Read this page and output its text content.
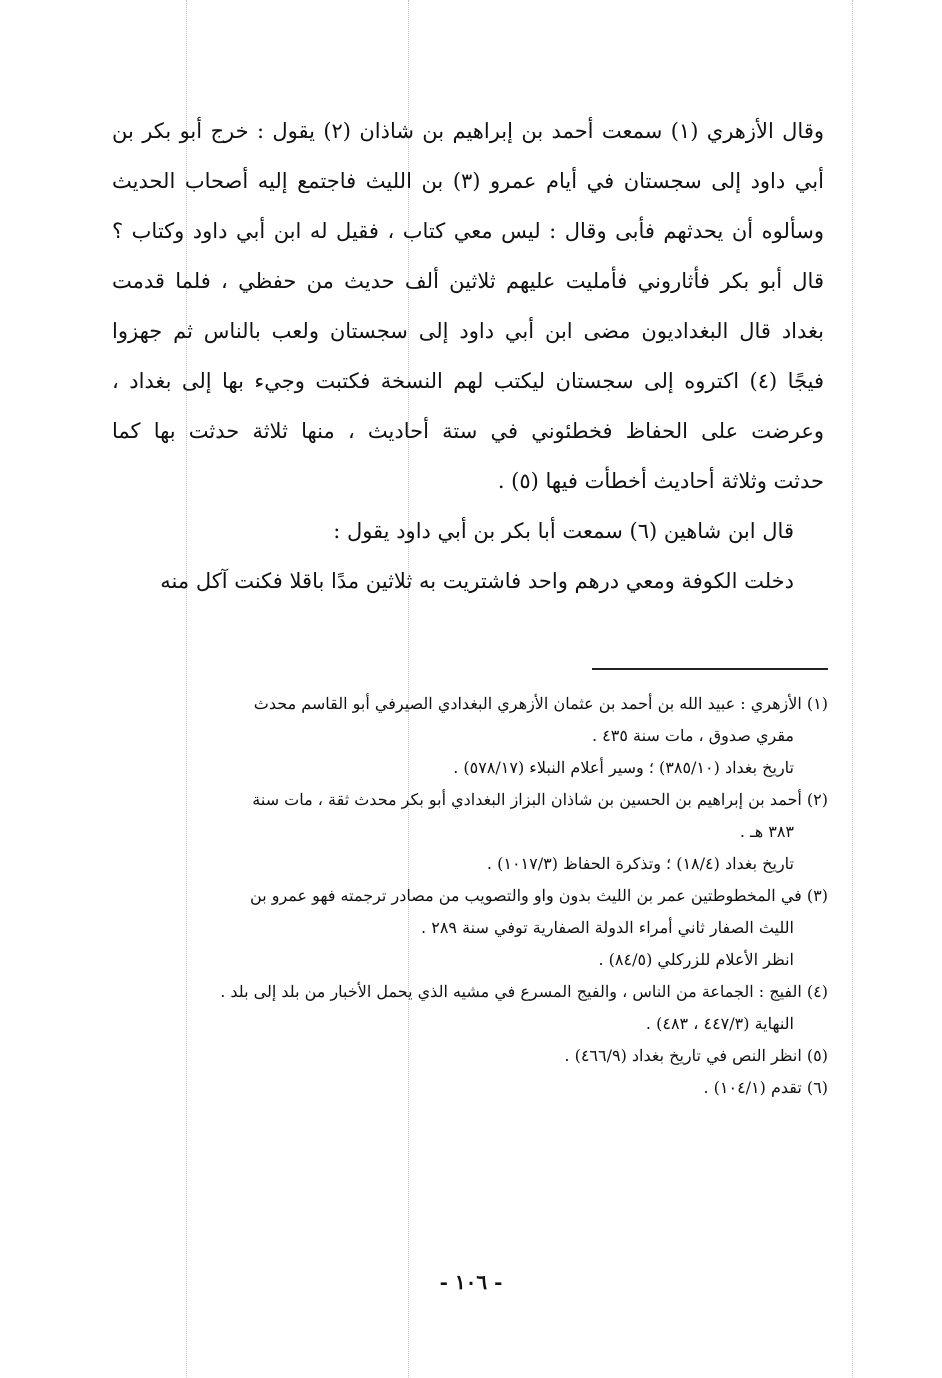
وقال الأزهري (١) سمعت أحمد بن إبراهيم بن شاذان (٢) يقول : خرج أبو بكر بن
أبي داود إلى سجستان في أيام عمرو (٣) بن الليث فاجتمع إليه أصحاب الحديث
وسألوه أن يحدثهم فأبى وقال : ليس معي كتاب ، فقيل له ابن أبي داود وكتاب ؟
قال أبو بكر فأثاروني فأمليت عليهم ثلاثين ألف حديث من حفظي ، فلما قدمت
بغداد قال البغداديون مضى ابن أبي داود إلى سجستان ولعب بالناس ثم جهزوا
فيجًا (٤) اكتروه إلى سجستان ليكتب لهم النسخة فكتبت وجيء بها إلى بغداد ،
وعرضت على الحفاظ فخطئوني في ستة أحاديث ، منها ثلاثة حدثت بها كما
حدثت وثلاثة أحاديث أخطأت فيها (٥) .
قال ابن شاهين (٦) سمعت أبا بكر بن أبي داود يقول :
دخلت الكوفة ومعي درهم واحد فاشتريت به ثلاثين مدًا باقلا فكنت آكل منه
(١) الأزهري : عبيد الله بن أحمد بن عثمان الأزهري البغدادي الصيرفي أبو القاسم محدث
مقري صدوق ، مات سنة ٤٣٥ .
تاريخ بغداد (٣٨٥/١٠) ؛ وسير أعلام النبلاء (٥٧٨/١٧) .
(٢) أحمد بن إبراهيم بن الحسين بن شاذان البزاز البغدادي أبو بكر محدث ثقة ، مات سنة
٣٨٣ هـ .
تاريخ بغداد (١٨/٤) ؛ وتذكرة الحفاظ (١٠١٧/٣) .
(٣) في المخطوطتين عمر بن الليث بدون واو والتصويب من مصادر ترجمته فهو عمرو بن
الليث الصفار ثاني أمراء الدولة الصفارية توفي سنة ٢٨٩ .
انظر الأعلام للزركلي (٨٤/٥) .
(٤) الفيج : الجماعة من الناس ، والفيج المسرع في مشيه الذي يحمل الأخبار من بلد إلى بلد .
النهاية (٤٤٧/٣ ، ٤٨٣) .
(٥) انظر النص في تاريخ بغداد (٤٦٦/٩) .
(٦) تقدم (١٠٤/١) .
- ١٠٦ -
